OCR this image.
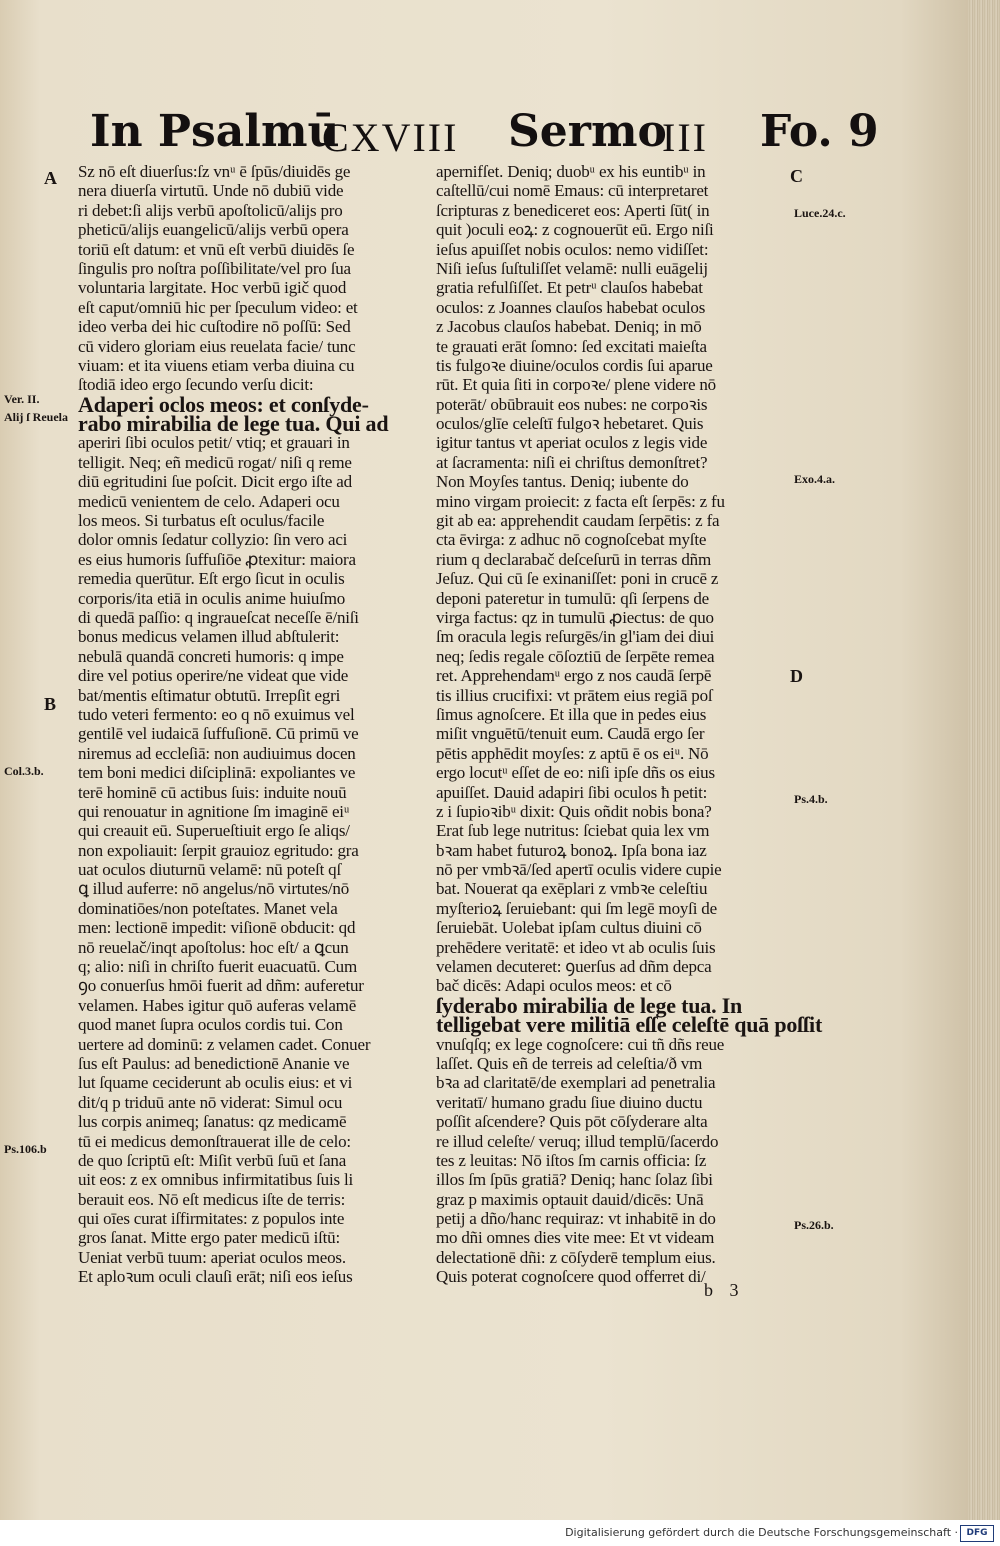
In Psalmū
CXVIII Sermo
III Fo. 9
Sz nō eſt diuerſus:ſz vnᵘ ē ſpūs/diuidēs ge
nera diuerſa virtutū. Unde nō dubiū vide
ri debet:ſi alijs verbū apoſtolicū/alijs pro
pheticū/alijs euangelicū/alijs verbū opera
toriū eſt datum: et vnū eſt verbū diuidēs ſe
ſingulis pro noſtra poſſibilitate/vel pro ſua
voluntaria largitate. Hoc verbū igič quod
eſt caput/omniū hic per ſpeculum video: et
ideo verba dei hic cuſtodire nō poſſū: Sed
cū videro gloriam eius reuelata facie/ tunc
viuam: et ita viuens etiam verba diuina cu
ſtodiā ideo ergo ſecundo verſu dicit:
Adaperi oclos meos: et conſyde-
rabo mirabilia de lege tua. Qui ad
aperiri ſibi oculos petit/ vtiq; et grauari in
telligit. Neq; eñ medicū rogat/ niſi q reme
diū egritudini ſue poſcit. Dicit ergo iſte ad
medicū venientem de celo. Adaperi ocu
los meos. Si turbatus eſt oculus/facile
dolor omnis ſedatur collyzio: ſin vero aci
es eius humoris ſuffuſiōe ꝓtexitur: maiora
remedia querūtur. Eſt ergo ſicut in oculis
corporis/ita etiā in oculis anime huiuſmo
di quedā paſſio: q ingraueſcat neceſſe ē/niſi
bonus medicus velamen illud abſtulerit:
nebulā quandā concreti humoris: q impe
dire vel potius operire/ne videat que vide
bat/mentis eſtimatur obtutū. Irrepſit egri
tudo veteri fermento: eo q nō exuimus vel
gentilē vel iudaicā ſuffuſionē. Cū primū ve
niremus ad eccleſiā: non audiuimus docen
tem boni medici diſciplinā: expoliantes ve
terē hominē cū actibus ſuis: induite nouū
qui renouatur in agnitione ſm imaginē eiᵘ
qui creauit eū. Superueſtiuit ergo ſe aliqs/
non expoliauit: ſerpit grauioz egritudo: gra
uat oculos diuturnū velamē: nū poteſt qſ
ꝗ illud auferre: nō angelus/nō virtutes/nō
dominatiōes/non poteſtates. Manet vela
men: lectionē impedit: viſionē obducit: qd
nō reuelač/inqt apoſtolus: hoc eſt/ a ꝗcun
q; alio: niſi in chriſto fuerit euacuatū. Cum
ꝯo conuerſus hmōi fuerit ad dñm: auferetur
velamen. Habes igitur quō auferas velamē
quod manet ſupra oculos cordis tui. Con
uertere ad dominū: z velamen cadet. Conuer
ſus eſt Paulus: ad benedictionē Ananie ve
lut ſquame ceciderunt ab oculis eius: et vi
dit/q p triduū ante nō viderat: Simul ocu
lus corpis animeq; ſanatus: qz medicamē
tū ei medicus demonſtrauerat ille de celo:
de quo ſcriptū eſt: Miſit verbū ſuū et ſana
uit eos: z ex omnibus infirmitatibus ſuis li
berauit eos. Nō eſt medicus iſte de terris:
qui oīes curat iſfirmitates: z populos inte
gros ſanat. Mitte ergo pater medicū iſtū:
Ueniat verbū tuum: aperiat oculos meos.
Et aploꝛum oculi clauſi erāt; niſi eos ieſus
apernifſet. Deniq; duobᵘ ex his euntibᵘ in
caſtellū/cui nomē Emaus: cū interpretaret
ſcripturas z benediceret eos: Aperti ſūt( in
quit )oculi eoꝝ: z cognouerūt eū. Ergo niſi
ieſus apuiſſet nobis oculos: nemo vidiſſet:
Niſi ieſus ſuſtuliſſet velamē: nulli euāgelij
gratia refulſiſſet. Et petrᵘ clauſos habebat
oculos: z Joannes clauſos habebat oculos
z Jacobus clauſos habebat. Deniq; in mō
te grauati erāt ſomno: ſed excitati maieſta
tis fulgoꝛe diuine/oculos cordis ſui aparue
rūt. Et quia ſiti in corpoꝛe/ plene videre nō
poterāt/ obūbrauit eos nubes: ne corpoꝛis
oculos/glīe celeſtī fulgoꝛ hebetaret. Quis
igitur tantus vt aperiat oculos z legis vide
at ſacramenta: niſi ei chriſtus demonſtret?
Non Moyſes tantus. Deniq; iubente do
mino virgam proiecit: z facta eſt ſerpēs: z fu
git ab ea: apprehendit caudam ſerpētis: z fa
cta ēvirga: z adhuc nō cognoſcebat myſte
rium q declarabač deſceſurū in terras dñm
Jeſuz. Qui cū ſe exinaniſſet: poni in crucē z
deponi pateretur in tumulū: qſi ſerpens de
virga factus: qz in tumulū ꝓiectus: de quo
ſm oracula legis reſurgēs/in gl'iam dei diui
neq; ſedis regale cōſoztiū de ſerpēte remea
ret. Apprehendamᵘ ergo z nos caudā ſerpē
tis illius crucifixi: vt prātem eius regiā poſ
ſimus agnoſcere. Et illa que in pedes eius
miſit vnguētū/tenuit eum. Caudā ergo ſer
pētis apphēdit moyſes: z aptū ē os eiᵘ. Nō
ergo locutᵘ eſſet de eo: niſi ipſe dñs os eius
apuiſſet. Dauid adapiri ſibi oculos ħ petit:
z i ſupioꝛibᵘ dixit: Quis oñdit nobis bona?
Erat ſub lege nutritus: ſciebat quia lex vm
bꝛam habet futuroꝝ bonoꝝ. Ipſa bona iaz
nō per vmbꝛā/ſed apertī oculis videre cupie
bat. Nouerat qa exēplari z vmbꝛe celeſtiu
myſterioꝝ ſeruiebant: qui ſm legē moyſi de
ſeruiebāt. Uolebat ipſam cultus diuini cō
prehēdere veritatē: et ideo vt ab oculis ſuis
velamen decuteret: ꝯuerſus ad dñm depca
bač dicēs: Adapi oculos meos: et cō
ſyderabo mirabilia de lege tua. In
telligebat vere militiā eſſe celeſtē quā poſſit
vnuſqſq; ex lege cognoſcere: cui tñ dñs reue
laſſet. Quis eñ de terreis ad celeſtia/ð vm
bꝛa ad claritatē/de exemplari ad penetralia
veritatī/ humano gradu ſiue diuino ductu
poſſit aſcendere? Quis pōt cōſyderare alta
re illud celeſte/ veruq; illud templū/ſacerdo
tes z leuitas: Nō iſtos ſm carnis officia: ſz
illos ſm ſpūs gratiā? Deniq; hanc ſolaz ſibi
graz p maximis optauit dauid/dicēs: Unā
petij a dño/hanc requiraz: vt inhabitē in do
mo dñi omnes dies vite mee: Et vt videam
delectationē dñi: z cōſyderē templum eius.
Quis poterat cognoſcere quod offerret di/
A
Ver. II.
Alij ſ Reuela
B
Col.3.b.
Ps.106.b
C
Luce.24.c.
Exo.4.a.
D
Ps.4.b.
Ps.26.b.
b 3
Digitalisierung gefördert durch die Deutsche Forschungsgemeinschaft · DFG
